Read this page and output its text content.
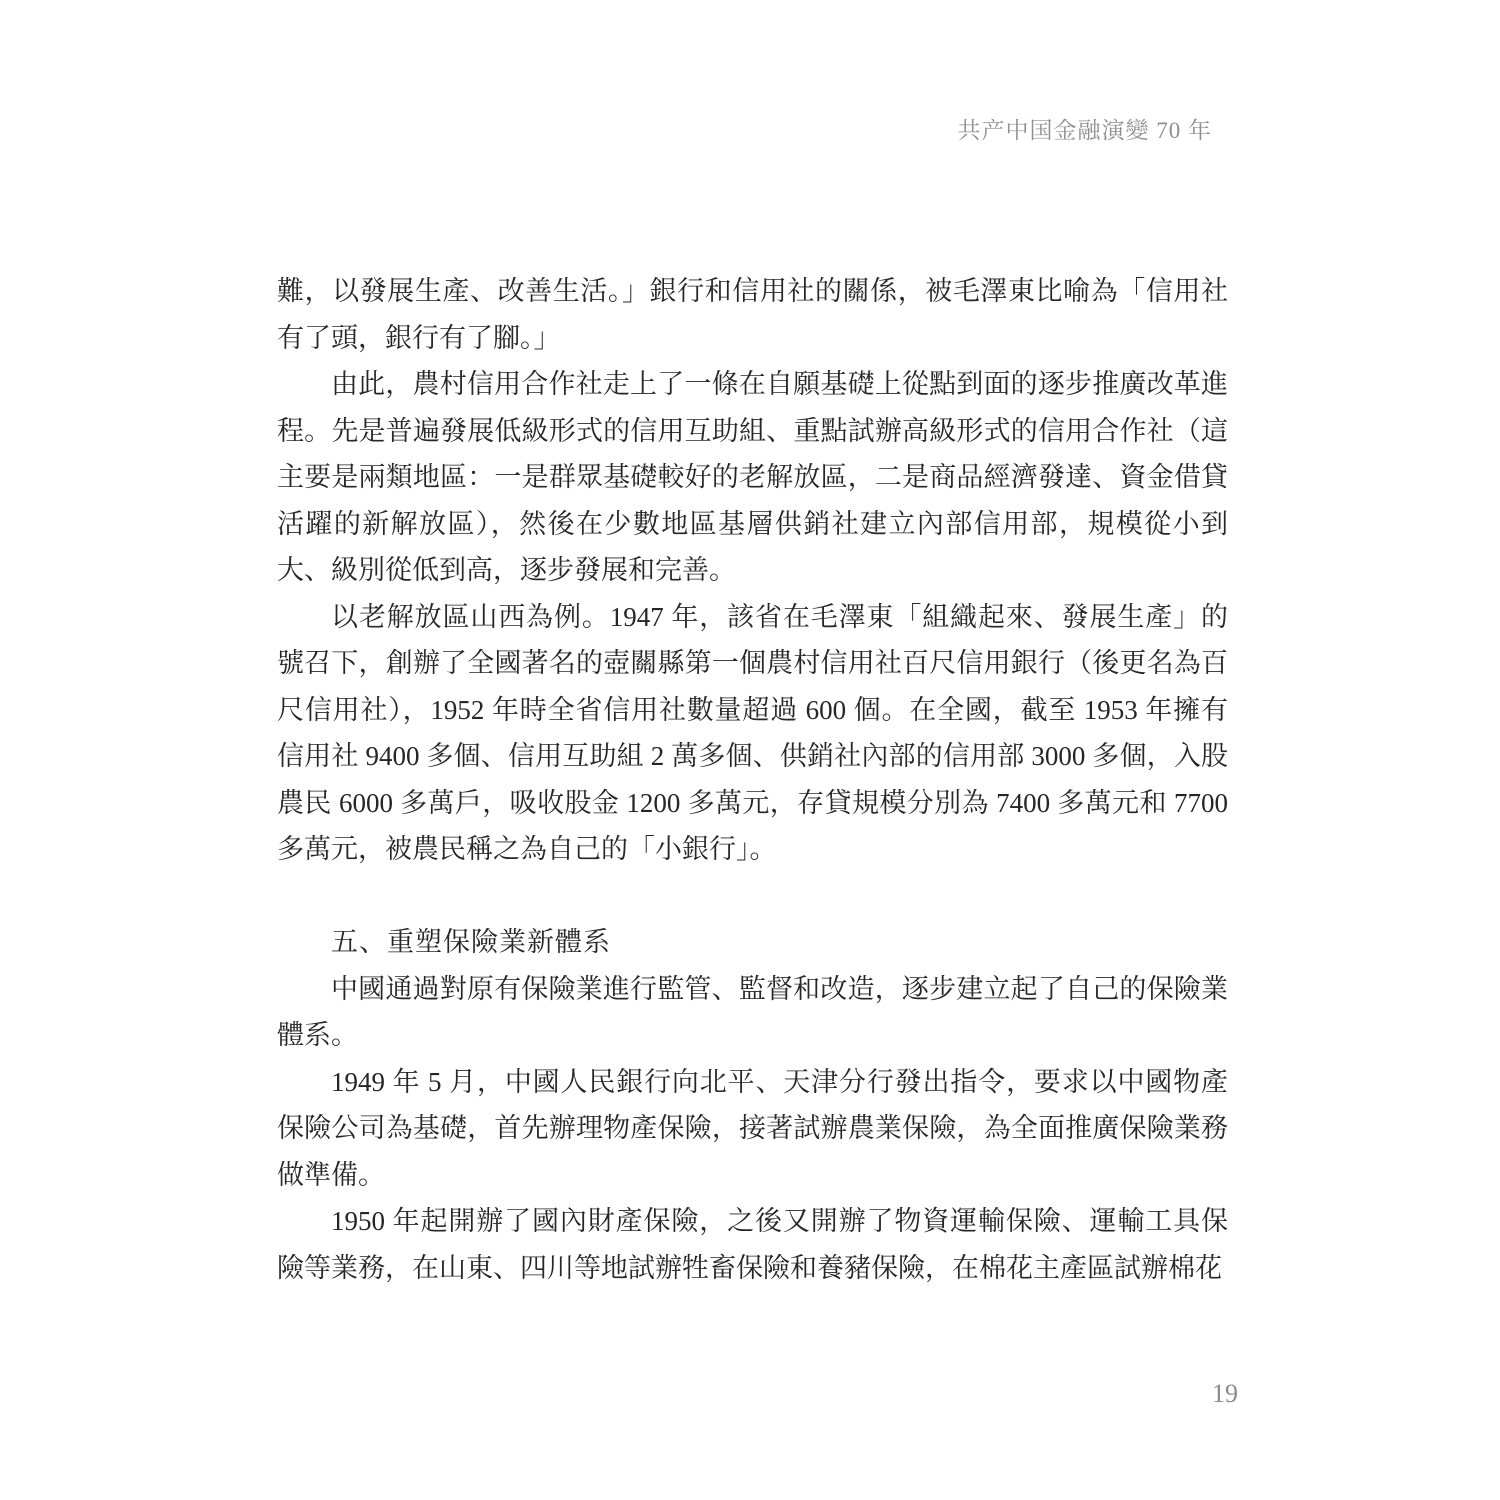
共产中国金融演變 70 年

難，以發展生產、改善生活。」銀行和信用社的關係，被毛澤東比喻為「信用社有了頭，銀行有了腳。」

由此，農村信用合作社走上了一條在自願基礎上從點到面的逐步推廣改革進程。先是普遍發展低級形式的信用互助組、重點試辦高級形式的信用合作社（這主要是兩類地區：一是群眾基礎較好的老解放區，二是商品經濟發達、資金借貸活躍的新解放區），然後在少數地區基層供銷社建立內部信用部，規模從小到大、級別從低到高，逐步發展和完善。

以老解放區山西為例。1947 年，該省在毛澤東「組織起來、發展生產」的號召下，創辦了全國著名的壺關縣第一個農村信用社百尺信用銀行（後更名為百尺信用社），1952 年時全省信用社數量超過 600 個。在全國，截至 1953 年擁有信用社 9400 多個、信用互助組 2 萬多個、供銷社內部的信用部 3000 多個，入股農民 6000 多萬戶，吸收股金 1200 多萬元，存貸規模分別為 7400 多萬元和 7700 多萬元，被農民稱之為自己的「小銀行」。

五、重塑保險業新體系

中國通過對原有保險業進行監管、監督和改造，逐步建立起了自己的保險業體系。

1949 年 5 月，中國人民銀行向北平、天津分行發出指令，要求以中國物產保險公司為基礎，首先辦理物產保險，接著試辦農業保險，為全面推廣保險業務做準備。

1950 年起開辦了國內財產保險，之後又開辦了物資運輸保險、運輸工具保險等業務，在山東、四川等地試辦牲畜保險和養豬保險，在棉花主產區試辦棉花

19
